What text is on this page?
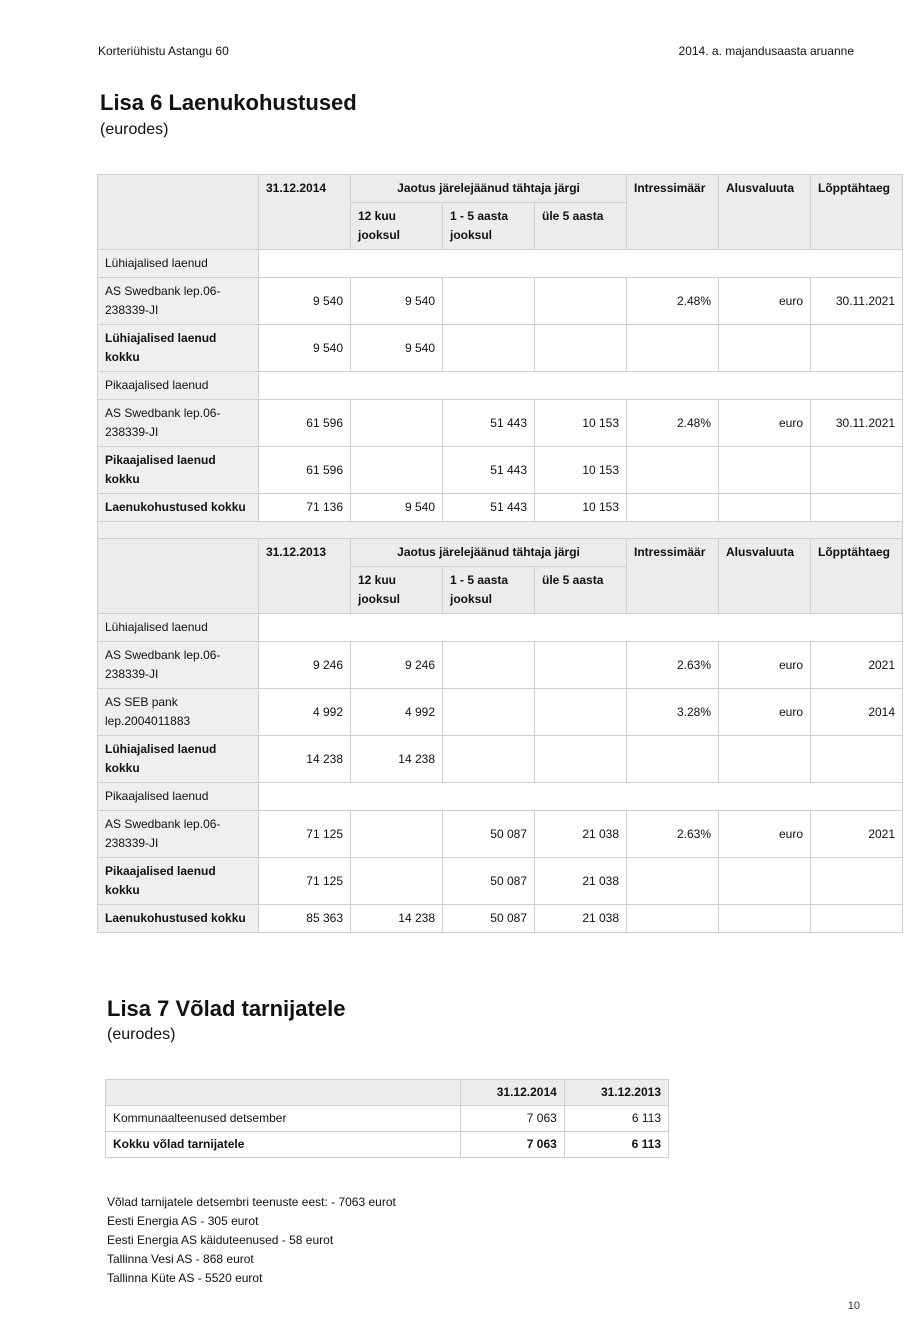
Korteriühistu Astangu 60	2014. a. majandusaasta aruanne
Lisa 6 Laenukohustused
(eurodes)
	31.12.2014	Jaotus järelejäänud tähtaja järgi			Intressimäär	Alusvaluuta	Lõpptähtaeg
		12 kuu jooksul	1 - 5 aasta jooksul	üle 5 aasta			
Lühiajalised laenud							
AS Swedbank lep.06-238339-JI	9 540	9 540			2.48%	euro	30.11.2021
Lühiajalised laenud kokku	9 540	9 540					
Pikaajalised laenud							
AS Swedbank lep.06-238339-JI	61 596		51 443	10 153	2.48%	euro	30.11.2021
Pikaajalised laenud kokku	61 596		51 443	10 153			
Laenukohustused kokku	71 136	9 540	51 443	10 153			

	31.12.2013	Jaotus järelejäänud tähtaja järgi			Intressimäär	Alusvaluuta	Lõpptähtaeg
		12 kuu jooksul	1 - 5 aasta jooksul	üle 5 aasta			
Lühiajalised laenud							
AS Swedbank lep.06-238339-JI	9 246	9 246			2.63%	euro	2021
AS SEB pank lep.2004011883	4 992	4 992			3.28%	euro	2014
Lühiajalised laenud kokku	14 238	14 238					
Pikaajalised laenud							
AS Swedbank lep.06-238339-JI	71 125		50 087	21 038	2.63%	euro	2021
Pikaajalised laenud kokku	71 125		50 087	21 038			
Laenukohustused kokku	85 363	14 238	50 087	21 038			
Lisa 7 Võlad tarnijatele
(eurodes)
	31.12.2014	31.12.2013
Kommunaalteenused detsember	7 063	6 113
Kokku võlad tarnijatele	7 063	6 113
Võlad tarnijatele detsembri teenuste eest: - 7063 eurot
Eesti Energia AS - 305 eurot
Eesti Energia AS käiduteenused - 58 eurot
Tallinna Vesi AS - 868 eurot
Tallinna Küte AS - 5520 eurot
10
